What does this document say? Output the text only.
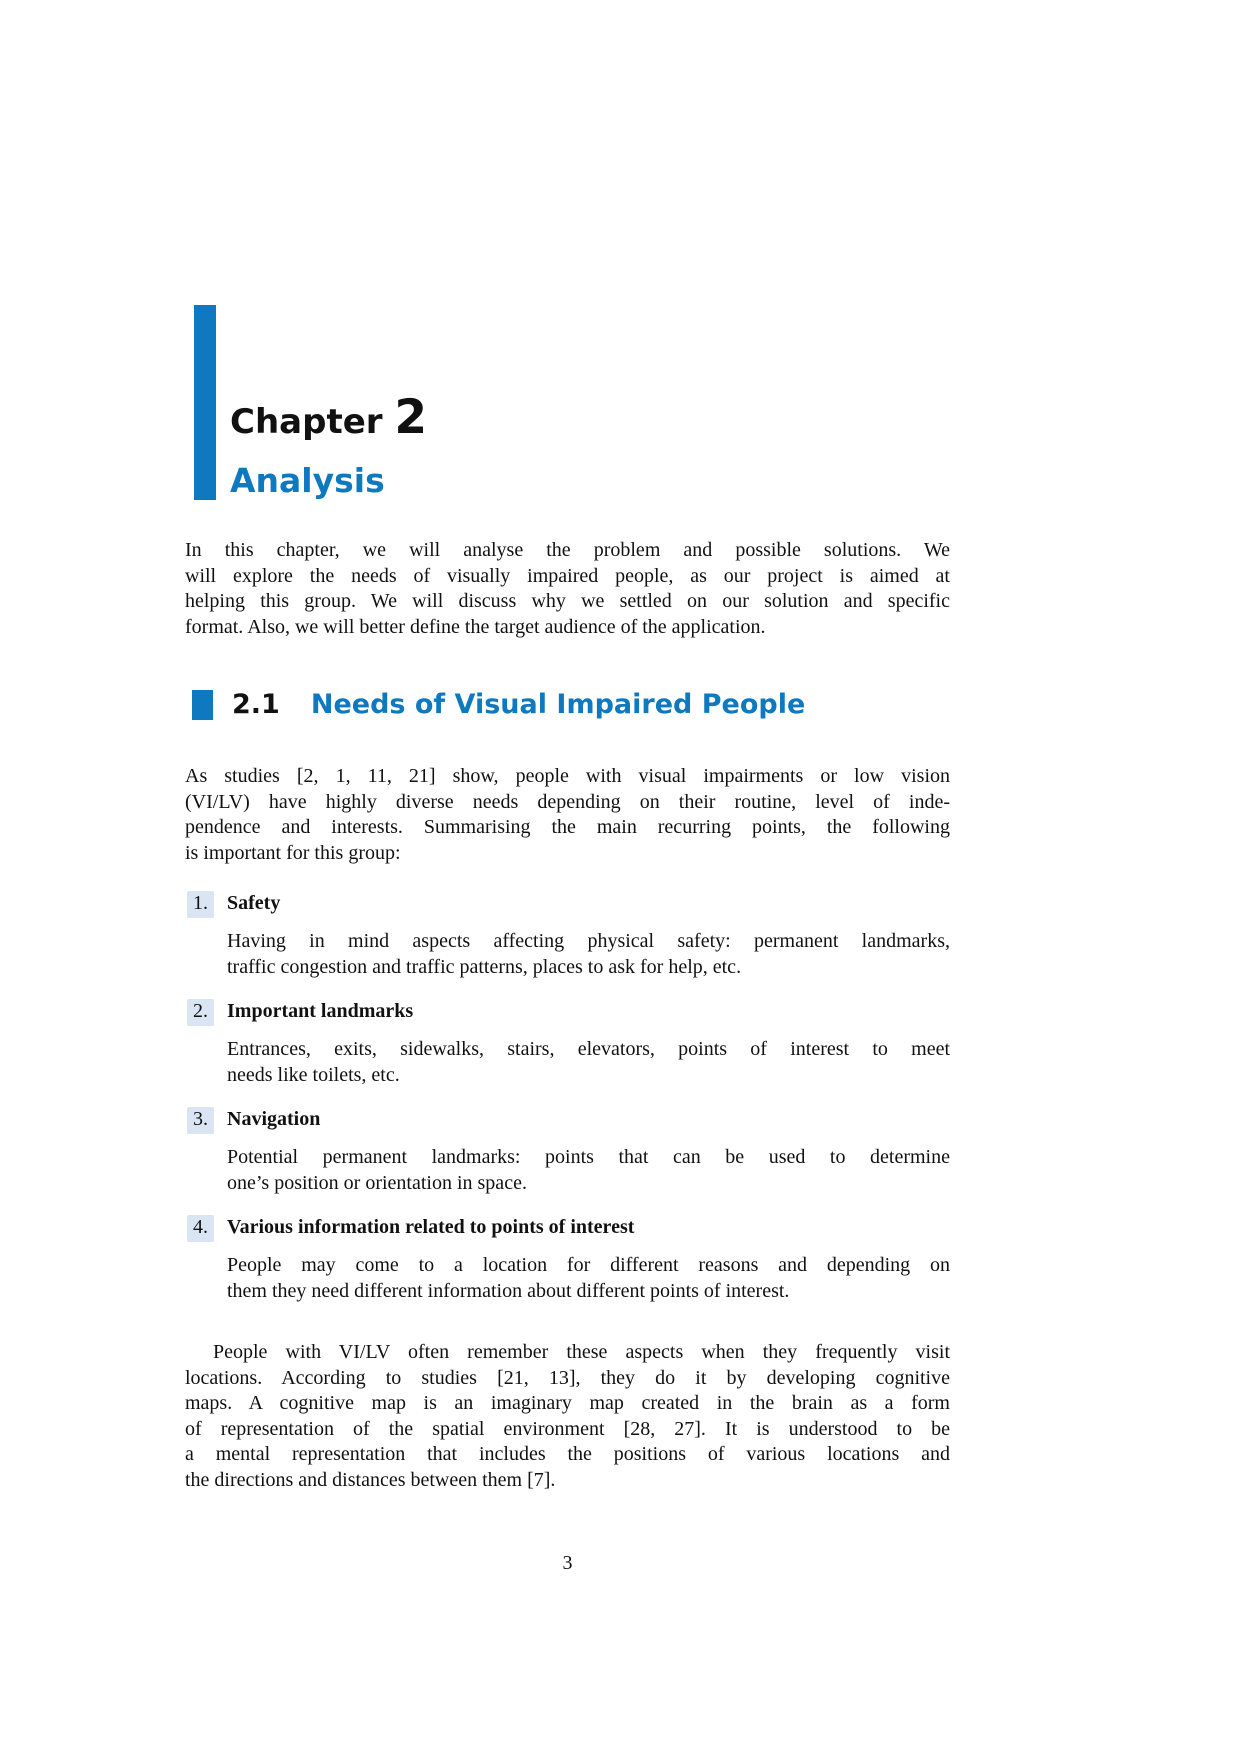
Chapter 2
Analysis
In this chapter, we will analyse the problem and possible solutions. We
will explore the needs of visually impaired people, as our project is aimed at
helping this group. We will discuss why we settled on our solution and specific
format. Also, we will better define the target audience of the application.
2.1 Needs of Visual Impaired People
As studies [2, 1, 11, 21] show, people with visual impairments or low vision
(VI/LV) have highly diverse needs depending on their routine, level of inde-
pendence and interests. Summarising the main recurring points, the following
is important for this group:
1. Safety
Having in mind aspects affecting physical safety: permanent landmarks,
traffic congestion and traffic patterns, places to ask for help, etc.
2. Important landmarks
Entrances, exits, sidewalks, stairs, elevators, points of interest to meet
needs like toilets, etc.
3. Navigation
Potential permanent landmarks: points that can be used to determine
one’s position or orientation in space.
4. Various information related to points of interest
People may come to a location for different reasons and depending on
them they need different information about different points of interest.
People with VI/LV often remember these aspects when they frequently visit
locations. According to studies [21, 13], they do it by developing cognitive
maps. A cognitive map is an imaginary map created in the brain as a form
of representation of the spatial environment [28, 27]. It is understood to be
a mental representation that includes the positions of various locations and
the directions and distances between them [7].
3
